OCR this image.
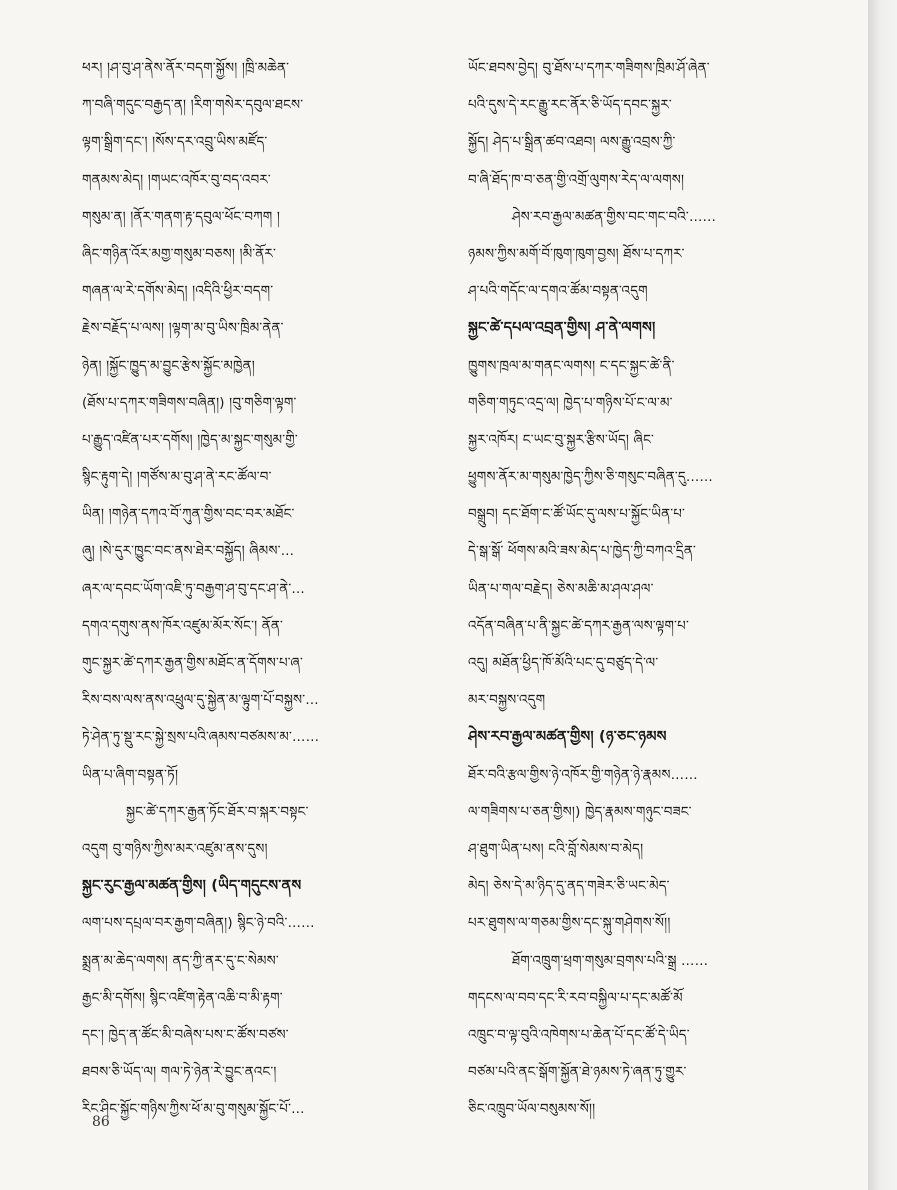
ཕར། །ཤ་བུ་ཤ་ནེས་ནོར་བདག་སྐྱོས། །ཁྲི་མཆེན་
ཀ་བཞི་གདུང་བརྒྱད་ན། །རིག་གསེར་དབུལ་ཐངས་
ལྟག་སྒྲིག་དང་། །སོས་དར་འབྲུ་ཡིས་མཛོད་
གནམས་མེད། །གཡང་འཁོར་བུ་བད་འབར་
གསུམ་ན། །ནོར་གནག་རྟ་དབུལ་ཕོང་བཀག །
ཞིང་གཉིན་འོར་མགྱ་གསུམ་བཅས། །མི་ནོར་
གཞན་ལ་རེ་དགོས་མེད། །འདིའི་ཕྱིར་བདག་
རྗེས་བརྗོད་པ་ལས། །ལྟག་མ་བུ་ཡིས་ཁྲིམ་ནེན་
ཉེན། །སྐྱོང་ཁྱུད་མ་བྱུང་རྩེས་སྐྱོང་མཁྱེན།
(ཐོས་པ་དཀར་གཟིགས་བཞིན།) །བུ་གཅིག་ལྟག་
པ་རྒྱུད་འཛིན་པར་དགོས། །ཁྱེད་མ་སྐྱང་གསུམ་གྱི་
སྙིང་རྟུག་དེ། །གཙོས་མ་བུ་ཤ་ནེ་རང་ཚོལ་བ་
ཡིན། །གཉེན་དཀའ་བོ་ཀུན་གྱིས་བང་བར་མཐོང་
ཞུ། །སེ་དུར་ཁྱུང་བང་ནས་ཐེར་བསྐྱོད། ཞིམས་…
ཞར་ལ་དབང་ཡོག་འཇི་ཏུ་བརྒྱག་ཤ་བུ་དང་ཤ་ནེ་…
དགའ་དགུས་ནས་ཁོར་འཛུམ་མོར་སོང་། ནོན་
གུང་སྐྱར་ཚེ་དཀར་རྒྱན་གྱིས་མཐོང་ན་དོགས་པ་ཞ་
རིས་བས་ལས་ནས་འཕྲུལ་དུ་སྐྱེན་མ་ལྟུག་པོ་བསྐྱས་…
ཏེ་ཤེན་ཏུ་སྡུ་རང་སྐྱེ་སྲས་པའི་ཞམས་བཙམས་མ་……
ཡིན་པ་ཞིག་བསྟན་ཏོ།
སྐྱང་ཚེ་དཀར་རྒྱན་ཏོང་ཐོར་བ་སྐར་བསྟང་
འདུག བུ་གཉིས་ཀྱིས་མར་འཛུམ་ནས་དུས།
སྐྱང་རུང་རྒྱལ་མཚན་གྱིས། (ཡིད་གདུངས་ནས
ལག་པས་དཔྲལ་བར་རྒྱག་བཞིན།) སྙིང་ཉེ་བའི་……
སྨྲན་མ་ཆེད་ལགས། ནད་ཀྱི་ནར་དུ་ང་སེམས་
རྒྱང་མི་དགོས། སྙིང་འཛིག་རྟེན་འཆི་བ་མི་རྟག་
དང་། ཁྱེད་ན་ཚོང་མི་བཞེས་པས་ང་ཚོས་བཙས་
ཐབས་ཅི་ཡོད་ལ། གལ་ཏེ་ཉེན་རེ་བྱུང་ནའང་།
རིང་ཤིང་སྐྱོང་གཉིས་ཀྱིས་ཕོ་མ་བུ་གསུམ་སྐྱོང་པོ་…
ཡོང་ཐབས་བྱེད། བུ་ཐོས་པ་དཀར་གཟིགས་ཁྲིམ་ཤོ་ཞེན་
པའི་དུས་དེ་རང་རྒྱུ་རང་ནོར་ཅི་ཡོད་དབང་སྐྱར་
སྐྱོད། ཤེད་པ་སྒྲིན་ཚབ་འཐབ། ལས་རྒྱུ་འབྲས་ཀྱི་
བ་ཞི་ཐོད་ཁ་བ་ཅན་གྱི་འགྲོ་ལུགས་རེད་ལ་ལགས།
ཤེས་རབ་རྒྱལ་མཚན་གྱིས་བང་གང་བའི་……
ཉམས་ཀྱིས་མགོ་བོ་ཁུག་ཁུག་བྱས། ཐོས་པ་དཀར་
ཤ་པའི་གདོང་ལ་དགའ་ཚོམ་བསྟན་འདུག
སྐྱང་ཚེ་དཔལ་འབྲན་གྱིས། ཤ་ནེ་ལགས།
ཁྱུགས་ཁྲལ་མ་གནང་ལགས། ང་དང་སྐྱང་ཚེ་ནི་
གཅིག་གཏུང་འདྲ་ལ། ཁྱེད་པ་གཉིས་པོ་ང་ལ་མ་
སྐྱར་འཁོར། ང་ཡང་བུ་སྐྱར་རྩིས་ཡོད། ཞིང་
ཕྱུགས་ནོར་མ་གསུམ་ཁྱེད་ཀྱིས་ཅི་གསུང་བཞིན་དུ……
བསྒྲུབ། དང་ཐོག་ང་ཚོ་ཡོང་དུ་ལས་པ་སྐྱོང་ཡིན་པ་
དེ་སྒ་སྒོ་ ཕོགས་མའི་ཟས་མེད་པ་ཁྱེད་ཀྱི་བཀའ་དྲིན་
ཡིན་པ་གལ་བརྗེད། ཅེས་མཆི་མ་ཤལ་ཤལ་
འདོན་བཞིན་པ་ནི་སྐྱང་ཚེ་དཀར་རྒྱན་ལས་ལྟག་པ་
འདུ། མཐོན་ཕྱིད་ཁོ་མོའི་པང་དུ་བཙུད་དེ་ལ་
མར་བསྐྱས་འདུག
ཤེས་རབ་རྒྱལ་མཚན་གྱིས། (ཉ་ཅང་ཉམས
ཐོར་བའི་རྩལ་གྱིས་ཉེ་འཁོར་གྱི་གཉེན་ཉེ་རྣམས……
ལ་གཟིགས་པ་ཅན་གྱིས།) ཁྱེད་རྣམས་གཉུང་བཟང་
ཤ་ཐུག་ཡིན་པས། ངའི་བློ་སེམས་བ་མེད།
མེད། ཅེས་དེ་མ་ཉིད་དུ་ནད་གཟེར་ཅི་ཡང་མེད་
པར་ཐུགས་ལ་གཅམ་གྱིས་དང་སྐུ་གཤེགས་སོ།།
ཐོག་འཁྲུག་ཕྲག་གསུམ་བྲགས་པའི་སྒྲ ……
གདངས་ལ་བབ་དང་རི་རབ་བསྐྱིལ་པ་དང་མཚོ་མོ
འཁྲུང་བ་ལྟ་བུའི་འཁེགས་པ་ཆེན་པོ་དང་ཚོ་དེ་ཡིད་
བཙམ་པའི་ནང་སྒོག་སྐྱོན་ཐེ་ཉམས་ཏེ་ཞན་ཏུ་གྱུར་
ཅིང་འཁྲུབ་ཡོལ་བསུམས་སོ།།
86
